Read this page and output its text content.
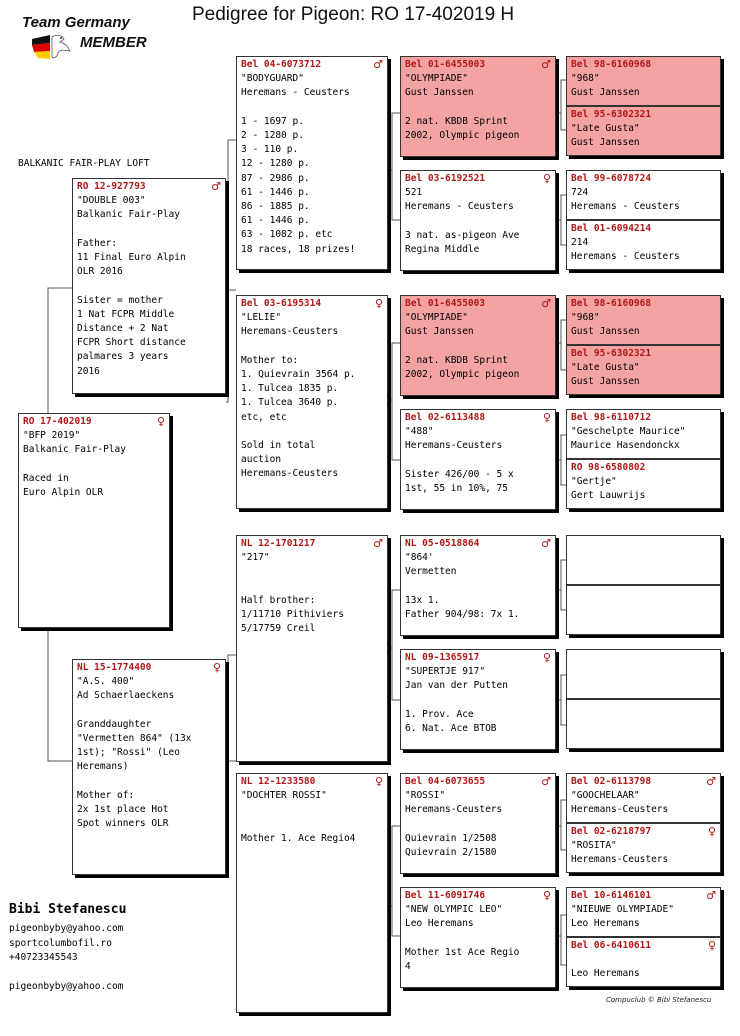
Team Germany
MEMBER
Pedigree for Pigeon: RO 17-402019 H
BALKANIC FAIR-PLAY LOFT
RO 17-402019	♀
"BFP 2019"
Balkanic Fair-Play
Raced in
Euro Alpin OLR
RO 12-927793	♂
"DOUBLE 003"
Balkanic Fair-Play
Father:
11 Final Euro Alpin
OLR 2016
Sister = mother
1 Nat FCPR Middle
Distance + 2 Nat
FCPR Short distance
palmares 3 years
2016
NL 15-1774400	♀
"A.S. 400"
Ad Schaerlaeckens
Granddaughter
"Vermetten 864" (13x
1st); "Rossi" (Leo
Heremans)
Mother of:
2x 1st place Hot
Spot winners OLR
Bel 04-6073712	♂
"BODYGUARD"
Heremans - Ceusters
1 - 1697 p.
2 - 1280 p.
3 - 110 p.
12 - 1280 p.
87 - 2986 p.
61 - 1446 p.
86 - 1885 p.
61 - 1446 p.
63 - 1082 p. etc
18 races, 18 prizes!
Bel 03-6195314	♀
"LELIE"
Heremans-Ceusters
Mother to:
1. Quievrain 3564 p.
1. Tulcea 1835 p.
1. Tulcea 3640 p.
etc, etc
Sold in total
auction
Heremans-Ceusters
NL 12-1701217	♂
"217"
Half brother:
1/11710 Pithiviers
5/17759 Creil
NL 12-1233580	♀
"DOCHTER ROSSI"
Mother 1. Ace Regio4
Bel 01-6455003	♂
"OLYMPIADE"
Gust Janssen
2 nat. KBDB Sprint
2002, Olympic pigeon
Bel 03-6192521	♀
521
Heremans - Ceusters
3 nat. as-pigeon Ave
Regina Middle
Bel 01-6455003	♂
"OLYMPIADE"
Gust Janssen
2 nat. KBDB Sprint
2002, Olympic pigeon
Bel 02-6113488	♀
"488"
Heremans-Ceusters
Sister 426/00 - 5 x
1st, 55 in 10%, 75
NL 05-0518864	♂
"864'
Vermetten
13x 1.
Father 904/98: 7x 1.
NL 09-1365917	♀
"SUPERTJE 917"
Jan van der Putten
1. Prov. Ace
6. Nat. Ace BTOB
Bel 04-6073655	♂
"ROSSI"
Heremans-Ceusters
Quievrain 1/2508
Quievrain 2/1580
Bel 11-6091746	♀
"NEW OLYMPIC LEO"
Leo Heremans
Mother 1st Ace Regio
4
Bel 98-6160968
"968"
Gust Janssen
Bel 95-6302321
"Late Gusta"
Gust Janssen
Bel 99-6078724
724
Heremans - Ceusters
Bel 01-6094214
214
Heremans - Ceusters
Bel 98-6160968
"968"
Gust Janssen
Bel 95-6302321
"Late Gusta"
Gust Janssen
Bel 98-6110712
"Geschelpte Maurice"
Maurice Hasendonckx
RO 98-6580802
"Gertje"
Gert Lauwrijs
Bel 02-6113798	♂
"GOOCHELAAR"
Heremans-Ceusters
Bel 02-6218797	♀
"ROSITA"
Heremans-Ceusters
Bel 10-6146101	♂
"NIEUWE OLYMPIADE"
Leo Heremans
Bel 06-6410611	♀
Leo Heremans
Bibi Stefanescu
pigeonbyby@yahoo.com
sportcolumbofil.ro
+40723345543
pigeonbyby@yahoo.com
Compuclub © Bibi Stefanescu
